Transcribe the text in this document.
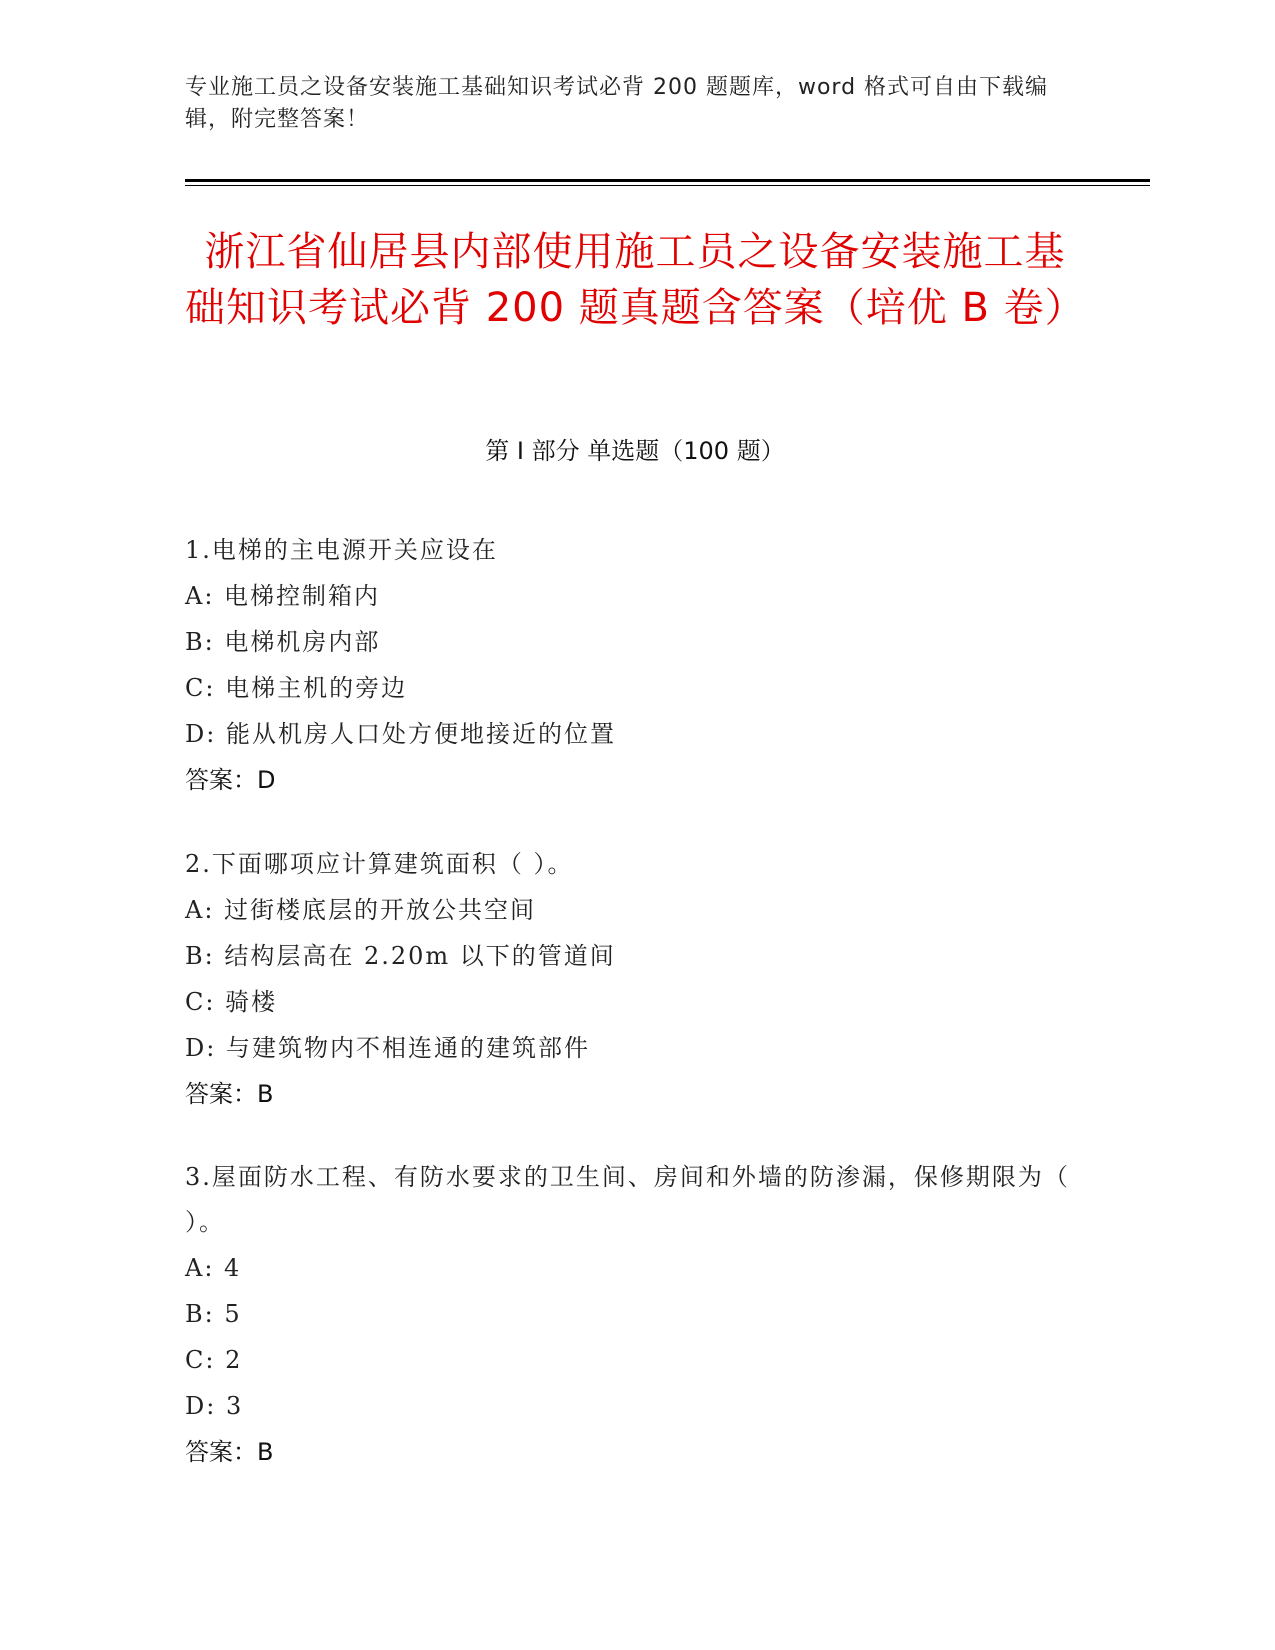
专业施工员之设备安装施工基础知识考试必背 200 题题库，word 格式可自由下载编辑，附完整答案！
浙江省仙居县内部使用施工员之设备安装施工基础知识考试必背 200 题真题含答案（培优 B 卷）
第 I 部分 单选题（100 题）
1.电梯的主电源开关应设在
A: 电梯控制箱内
B: 电梯机房内部
C: 电梯主机的旁边
D: 能从机房人口处方便地接近的位置
答案：D
2.下面哪项应计算建筑面积（ ）。
A: 过街楼底层的开放公共空间
B: 结构层高在 2.20m 以下的管道间
C: 骑楼
D: 与建筑物内不相连通的建筑部件
答案：B
3.屋面防水工程、有防水要求的卫生间、房间和外墙的防渗漏，保修期限为（ ）。
A: 4
B: 5
C: 2
D: 3
答案：B
